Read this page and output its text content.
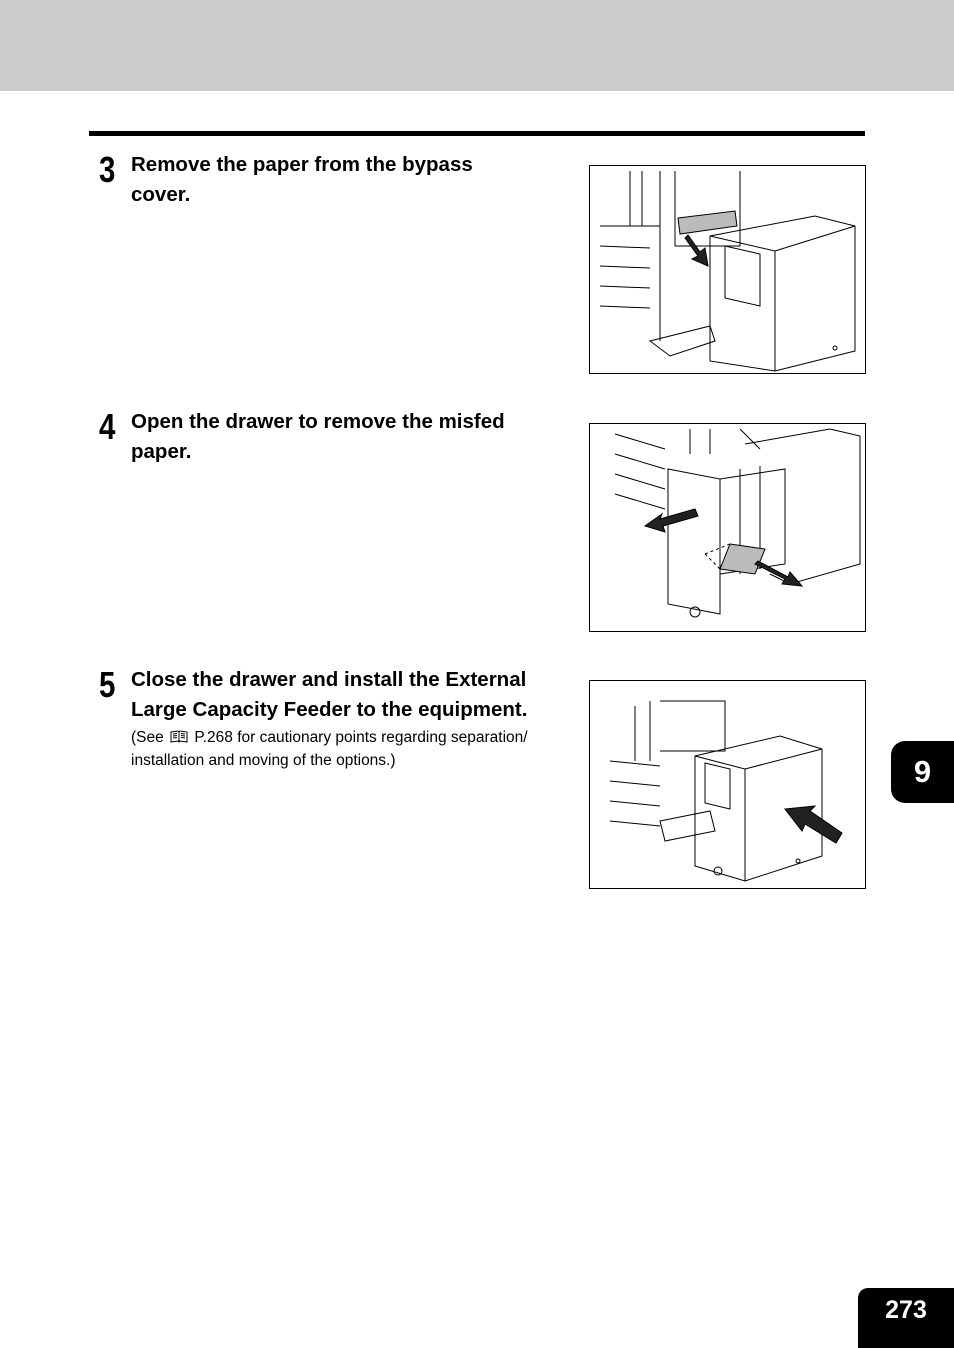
3 Remove the paper from the bypass
cover.
4 Open the drawer to remove the misfed
paper.
5 Close the drawer and install the External
Large Capacity Feeder to the equipment.
(See P.268 for cautionary points regarding separation/
installation and moving of the options.)	9
273
